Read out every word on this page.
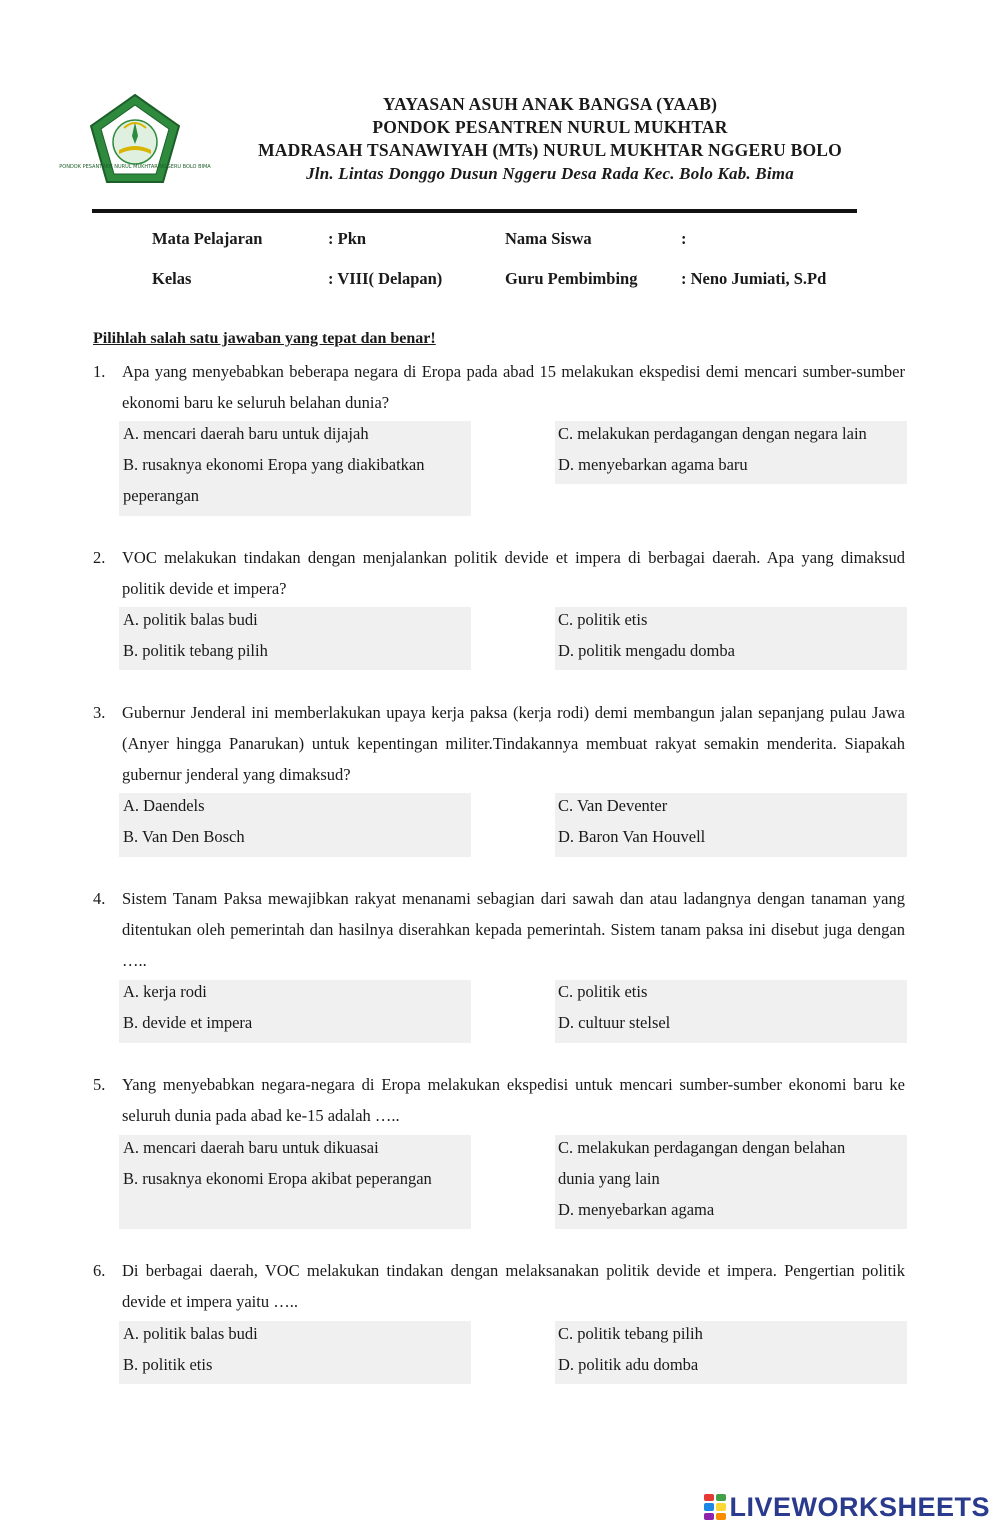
PONDOK PESANTREN NURUL MUKHTAR NGGERU BOLO BIMA
YAYASAN ASUH ANAK BANGSA (YAAB)
PONDOK PESANTREN NURUL MUKHTAR
MADRASAH TSANAWIYAH (MTs) NURUL MUKHTAR NGGERU BOLO
Jln. Lintas Donggo Dusun Nggeru Desa Rada Kec. Bolo Kab. Bima
Mata Pelajaran	: Pkn	Nama Siswa	:
Kelas	: VIII( Delapan)	Guru Pembimbing	: Neno Jumiati, S.Pd
Pilihlah salah satu jawaban yang tepat dan benar!
1. Apa yang menyebabkan beberapa negara di Eropa pada abad 15 melakukan ekspedisi demi mencari sumber-sumber ekonomi baru ke seluruh belahan dunia?
A. mencari daerah baru untuk dijajah
B. rusaknya ekonomi Eropa yang diakibatkan
peperangan
C. melakukan perdagangan dengan negara lain
D. menyebarkan agama baru
2. VOC melakukan tindakan dengan menjalankan politik devide et impera di berbagai daerah. Apa yang dimaksud politik devide et impera?
A. politik balas budi
B. politik tebang pilih
C. politik etis
D. politik mengadu domba
3. Gubernur Jenderal ini memberlakukan upaya kerja paksa (kerja rodi) demi membangun jalan sepanjang pulau Jawa (Anyer hingga Panarukan) untuk kepentingan militer.Tindakannya membuat rakyat semakin menderita. Siapakah gubernur jenderal yang dimaksud?
A. Daendels
B. Van Den Bosch
C. Van Deventer
D. Baron Van Houvell
4. Sistem Tanam Paksa mewajibkan rakyat menanami sebagian dari sawah dan atau ladangnya dengan tanaman yang ditentukan oleh pemerintah dan hasilnya diserahkan kepada pemerintah. Sistem tanam paksa ini disebut juga dengan …..
A. kerja rodi
B. devide et impera
C. politik etis
D. cultuur stelsel
5. Yang menyebabkan negara-negara di Eropa melakukan ekspedisi untuk mencari sumber-sumber ekonomi baru ke seluruh dunia pada abad ke-15 adalah …..
A. mencari daerah baru untuk dikuasai
B. rusaknya ekonomi Eropa akibat peperangan
C. melakukan perdagangan dengan belahan
dunia yang lain
D. menyebarkan agama
6. Di berbagai daerah, VOC melakukan tindakan dengan melaksanakan politik devide et impera. Pengertian politik devide et impera yaitu …..
A. politik balas budi
B. politik etis
C. politik tebang pilih
D. politik adu domba
LIVEWORKSHEETS
